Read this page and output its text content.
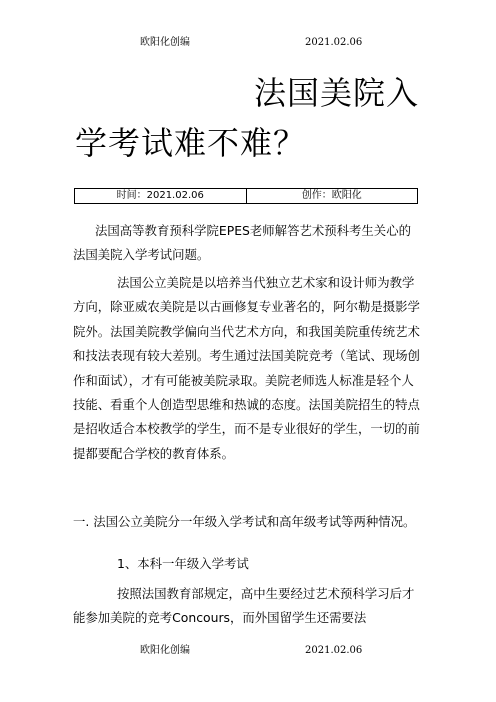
欧阳化创编	2021.02.06
法国美院入
学考试难不难？
时间：2021.02.06	创作：欧阳化
法国高等教育预科学院EPES老师解答艺术预科考生关心的法国美院入学考试问题。
法国公立美院是以培养当代独立艺术家和设计师为教学方向，除亚威农美院是以古画修复专业著名的，阿尔勒是摄影学院外。法国美院教学偏向当代艺术方向，和我国美院重传统艺术和技法表现有较大差别。考生通过法国美院竞考（笔试、现场创作和面试），才有可能被美院录取。美院老师选人标准是轻个人技能、看重个人创造型思维和热诚的态度。法国美院招生的特点是招收适合本校教学的学生，而不是专业很好的学生，一切的前提都要配合学校的教育体系。
一. 法国公立美院分一年级入学考试和高年级考试等两种情况。
1、本科一年级入学考试
按照法国教育部规定，高中生要经过艺术预科学习后才能参加美院的竞考Concours，而外国留学生还需要法
欧阳化创编	2021.02.06
